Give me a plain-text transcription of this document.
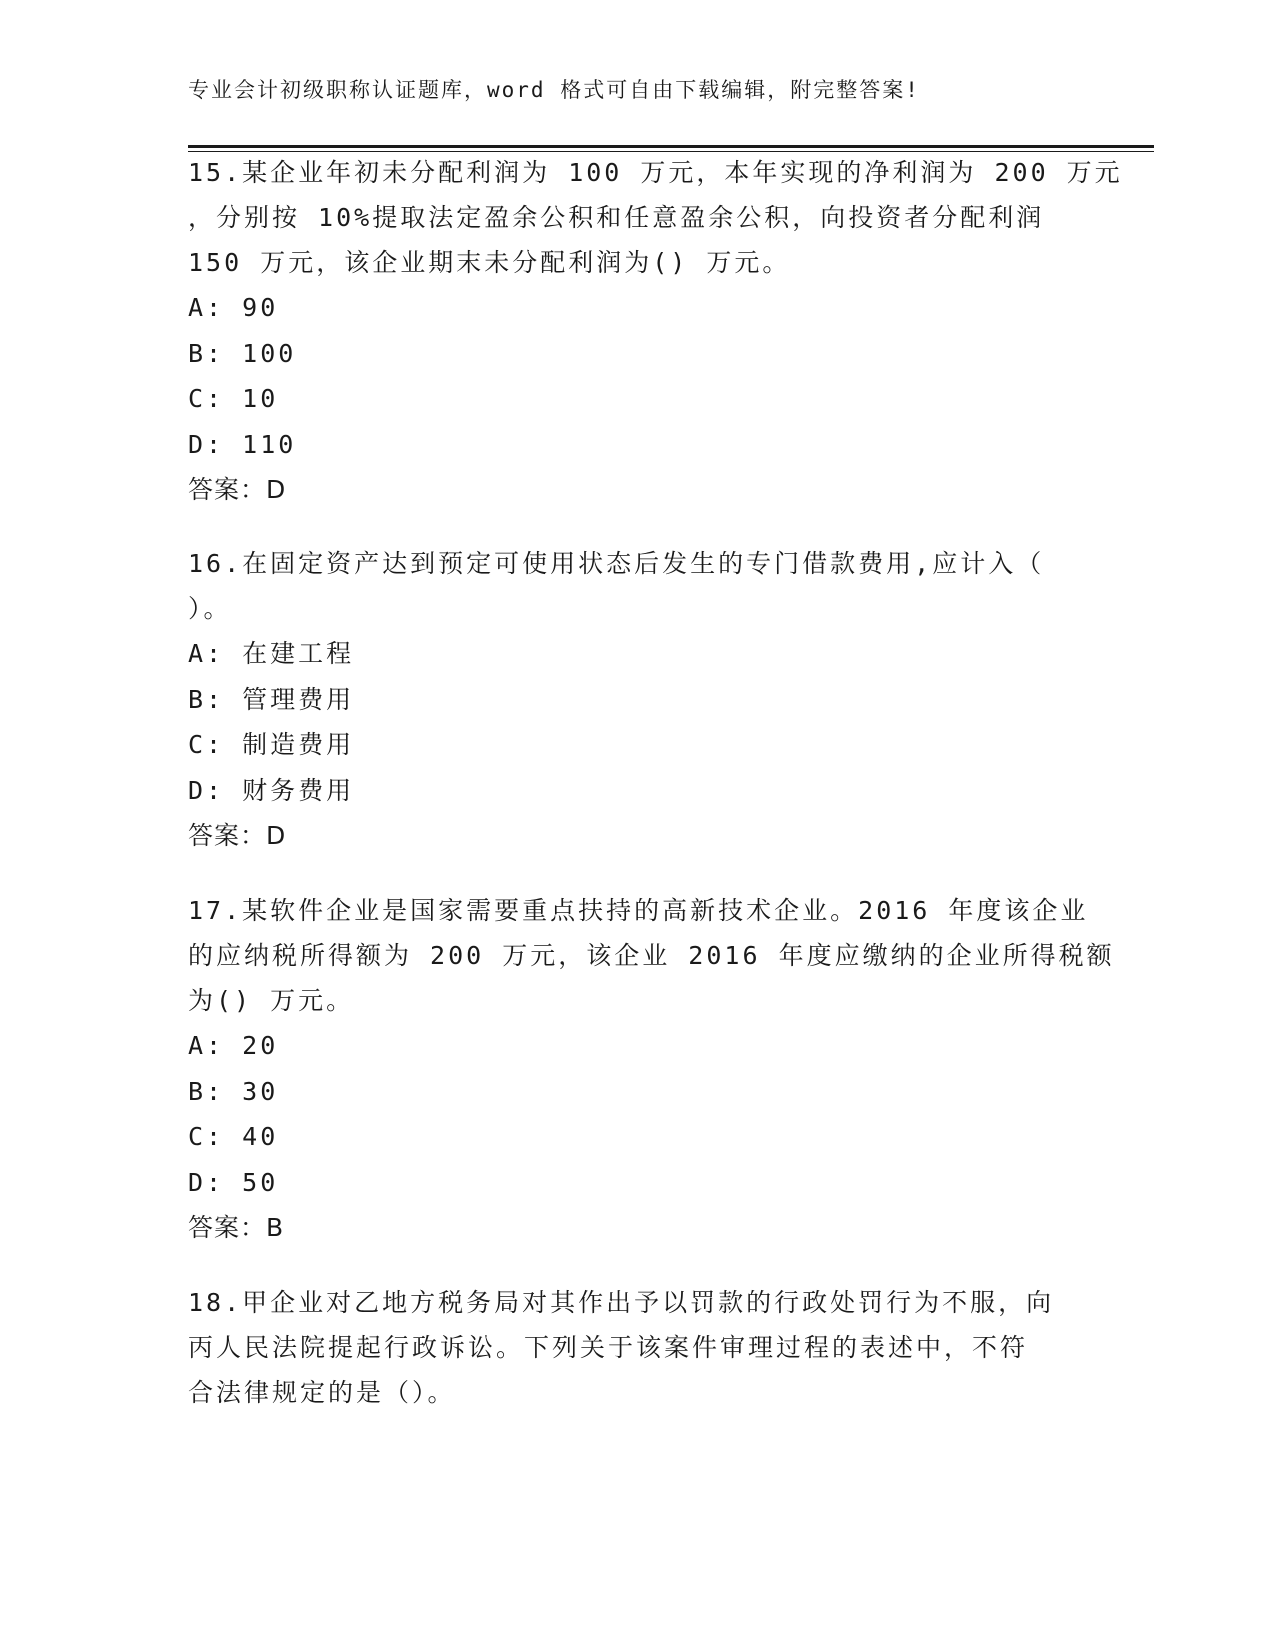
专业会计初级职称认证题库，word 格式可自由下载编辑，附完整答案!
15.某企业年初未分配利润为 100 万元，本年实现的净利润为 200 万元
，分别按 10%提取法定盈余公积和任意盈余公积，向投资者分配利润
150 万元，该企业期末未分配利润为() 万元。
A: 90
B: 100
C: 10
D: 110
答案：D
16.在固定资产达到预定可使用状态后发生的专门借款费用,应计入（
）。
A: 在建工程
B: 管理费用
C: 制造费用
D: 财务费用
答案：D
17.某软件企业是国家需要重点扶持的高新技术企业。2016 年度该企业
的应纳税所得额为 200 万元，该企业 2016 年度应缴纳的企业所得税额
为() 万元。
A: 20
B: 30
C: 40
D: 50
答案：B
18.甲企业对乙地方税务局对其作出予以罚款的行政处罚行为不服，向
丙人民法院提起行政诉讼。下列关于该案件审理过程的表述中，不符
合法律规定的是（）。
